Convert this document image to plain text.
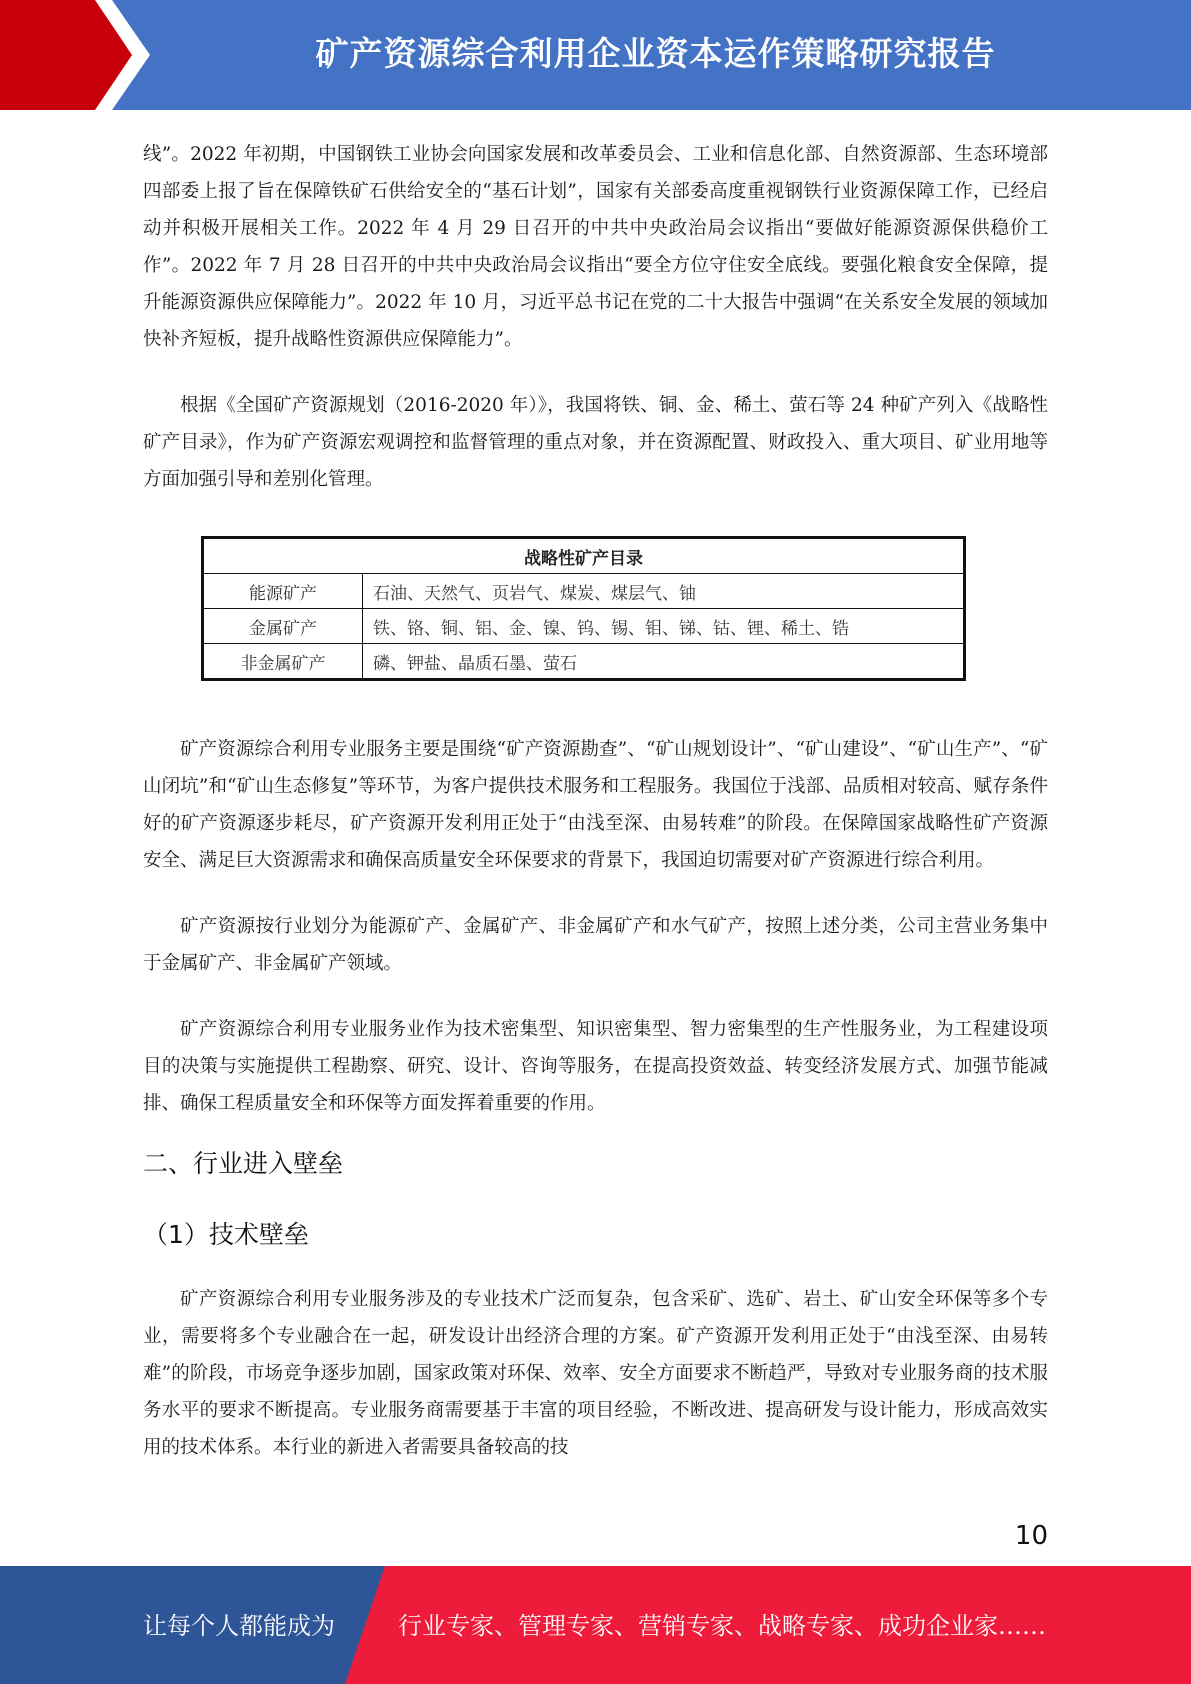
矿产资源综合利用企业资本运作策略研究报告

线”。2022 年初期，中国钢铁工业协会向国家发展和改革委员会、工业和信息化部、自然资源部、生态环境部四部委上报了旨在保障铁矿石供给安全的“基石计划”，国家有关部委高度重视钢铁行业资源保障工作，已经启动并积极开展相关工作。2022 年 4 月 29 日召开的中共中央政治局会议指出“要做好能源资源保供稳价工作”。2022 年 7 月 28 日召开的中共中央政治局会议指出“要全方位守住安全底线。要强化粮食安全保障，提升能源资源供应保障能力”。2022 年 10 月，习近平总书记在党的二十大报告中强调“在关系安全发展的领域加快补齐短板，提升战略性资源供应保障能力”。

根据《全国矿产资源规划（2016-2020 年）》，我国将铁、铜、金、稀土、萤石等 24 种矿产列入《战略性矿产目录》，作为矿产资源宏观调控和监督管理的重点对象，并在资源配置、财政投入、重大项目、矿业用地等方面加强引导和差别化管理。

战略性矿产目录	
能源矿产	石油、天然气、页岩气、煤炭、煤层气、铀
金属矿产	铁、铬、铜、铝、金、镍、钨、锡、钼、锑、钴、锂、稀土、锆
非金属矿产	磷、钾盐、晶质石墨、萤石

矿产资源综合利用专业服务主要是围绕“矿产资源勘查”、“矿山规划设计”、“矿山建设”、“矿山生产”、“矿山闭坑”和“矿山生态修复”等环节，为客户提供技术服务和工程服务。我国位于浅部、品质相对较高、赋存条件好的矿产资源逐步耗尽，矿产资源开发利用正处于“由浅至深、由易转难”的阶段。在保障国家战略性矿产资源安全、满足巨大资源需求和确保高质量安全环保要求的背景下，我国迫切需要对矿产资源进行综合利用。

矿产资源按行业划分为能源矿产、金属矿产、非金属矿产和水气矿产，按照上述分类，公司主营业务集中于金属矿产、非金属矿产领域。

矿产资源综合利用专业服务业作为技术密集型、知识密集型、智力密集型的生产性服务业，为工程建设项目的决策与实施提供工程勘察、研究、设计、咨询等服务，在提高投资效益、转变经济发展方式、加强节能减排、确保工程质量安全和环保等方面发挥着重要的作用。

二、行业进入壁垒
（1）技术壁垒

矿产资源综合利用专业服务涉及的专业技术广泛而复杂，包含采矿、选矿、岩土、矿山安全环保等多个专业，需要将多个专业融合在一起，研发设计出经济合理的方案。矿产资源开发利用正处于“由浅至深、由易转难”的阶段，市场竞争逐步加剧，国家政策对环保、效率、安全方面要求不断趋严，导致对专业服务商的技术服务水平的要求不断提高。专业服务商需要基于丰富的项目经验，不断改进、提高研发与设计能力，形成高效实用的技术体系。本行业的新进入者需要具备较高的技

10
让每个人都能成为	行业专家、管理专家、营销专家、战略专家、成功企业家……
